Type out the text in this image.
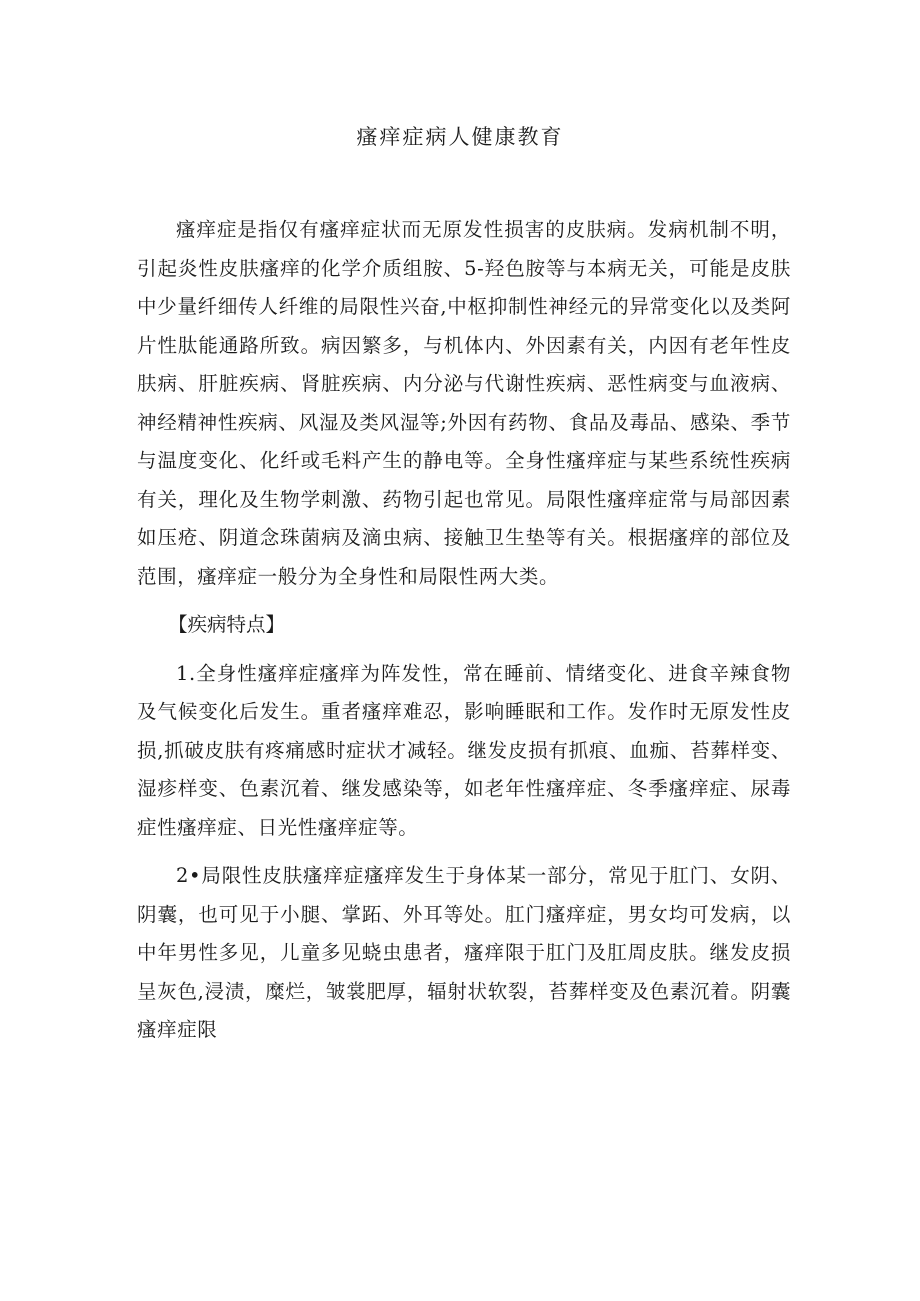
瘙痒症病人健康教育

瘙痒症是指仅有瘙痒症状而无原发性损害的皮肤病。发病机制不明，引起炎性皮肤瘙痒的化学介质组胺、5-羟色胺等与本病无关，可能是皮肤中少量纤细传人纤维的局限性兴奋,中枢抑制性神经元的异常变化以及类阿片性肽能通路所致。病因繁多，与机体内、外因素有关，内因有老年性皮肤病、肝脏疾病、肾脏疾病、内分泌与代谢性疾病、恶性病变与血液病、神经精神性疾病、风湿及类风湿等;外因有药物、食品及毒品、感染、季节与温度变化、化纤或毛料产生的静电等。全身性瘙痒症与某些系统性疾病有关，理化及生物学刺激、药物引起也常见。局限性瘙痒症常与局部因素如压疮、阴道念珠菌病及滴虫病、接触卫生垫等有关。根据瘙痒的部位及范围，瘙痒症一般分为全身性和局限性两大类。

【疾病特点】

1.全身性瘙痒症瘙痒为阵发性，常在睡前、情绪变化、进食辛辣食物及气候变化后发生。重者瘙痒难忍，影响睡眠和工作。发作时无原发性皮损,抓破皮肤有疼痛感时症状才减轻。继发皮损有抓痕、血痂、苔葬样变、湿疹样变、色素沉着、继发感染等，如老年性瘙痒症、冬季瘙痒症、尿毒症性瘙痒症、日光性瘙痒症等。

2•局限性皮肤瘙痒症瘙痒发生于身体某一部分，常见于肛门、女阴、阴囊，也可见于小腿、掌跖、外耳等处。肛门瘙痒症，男女均可发病，以中年男性多见，儿童多见蛲虫患者，瘙痒限于肛门及肛周皮肤。继发皮损呈灰色,浸渍，糜烂，皱裳肥厚，辐射状软裂，苔葬样变及色素沉着。阴囊瘙痒症限
